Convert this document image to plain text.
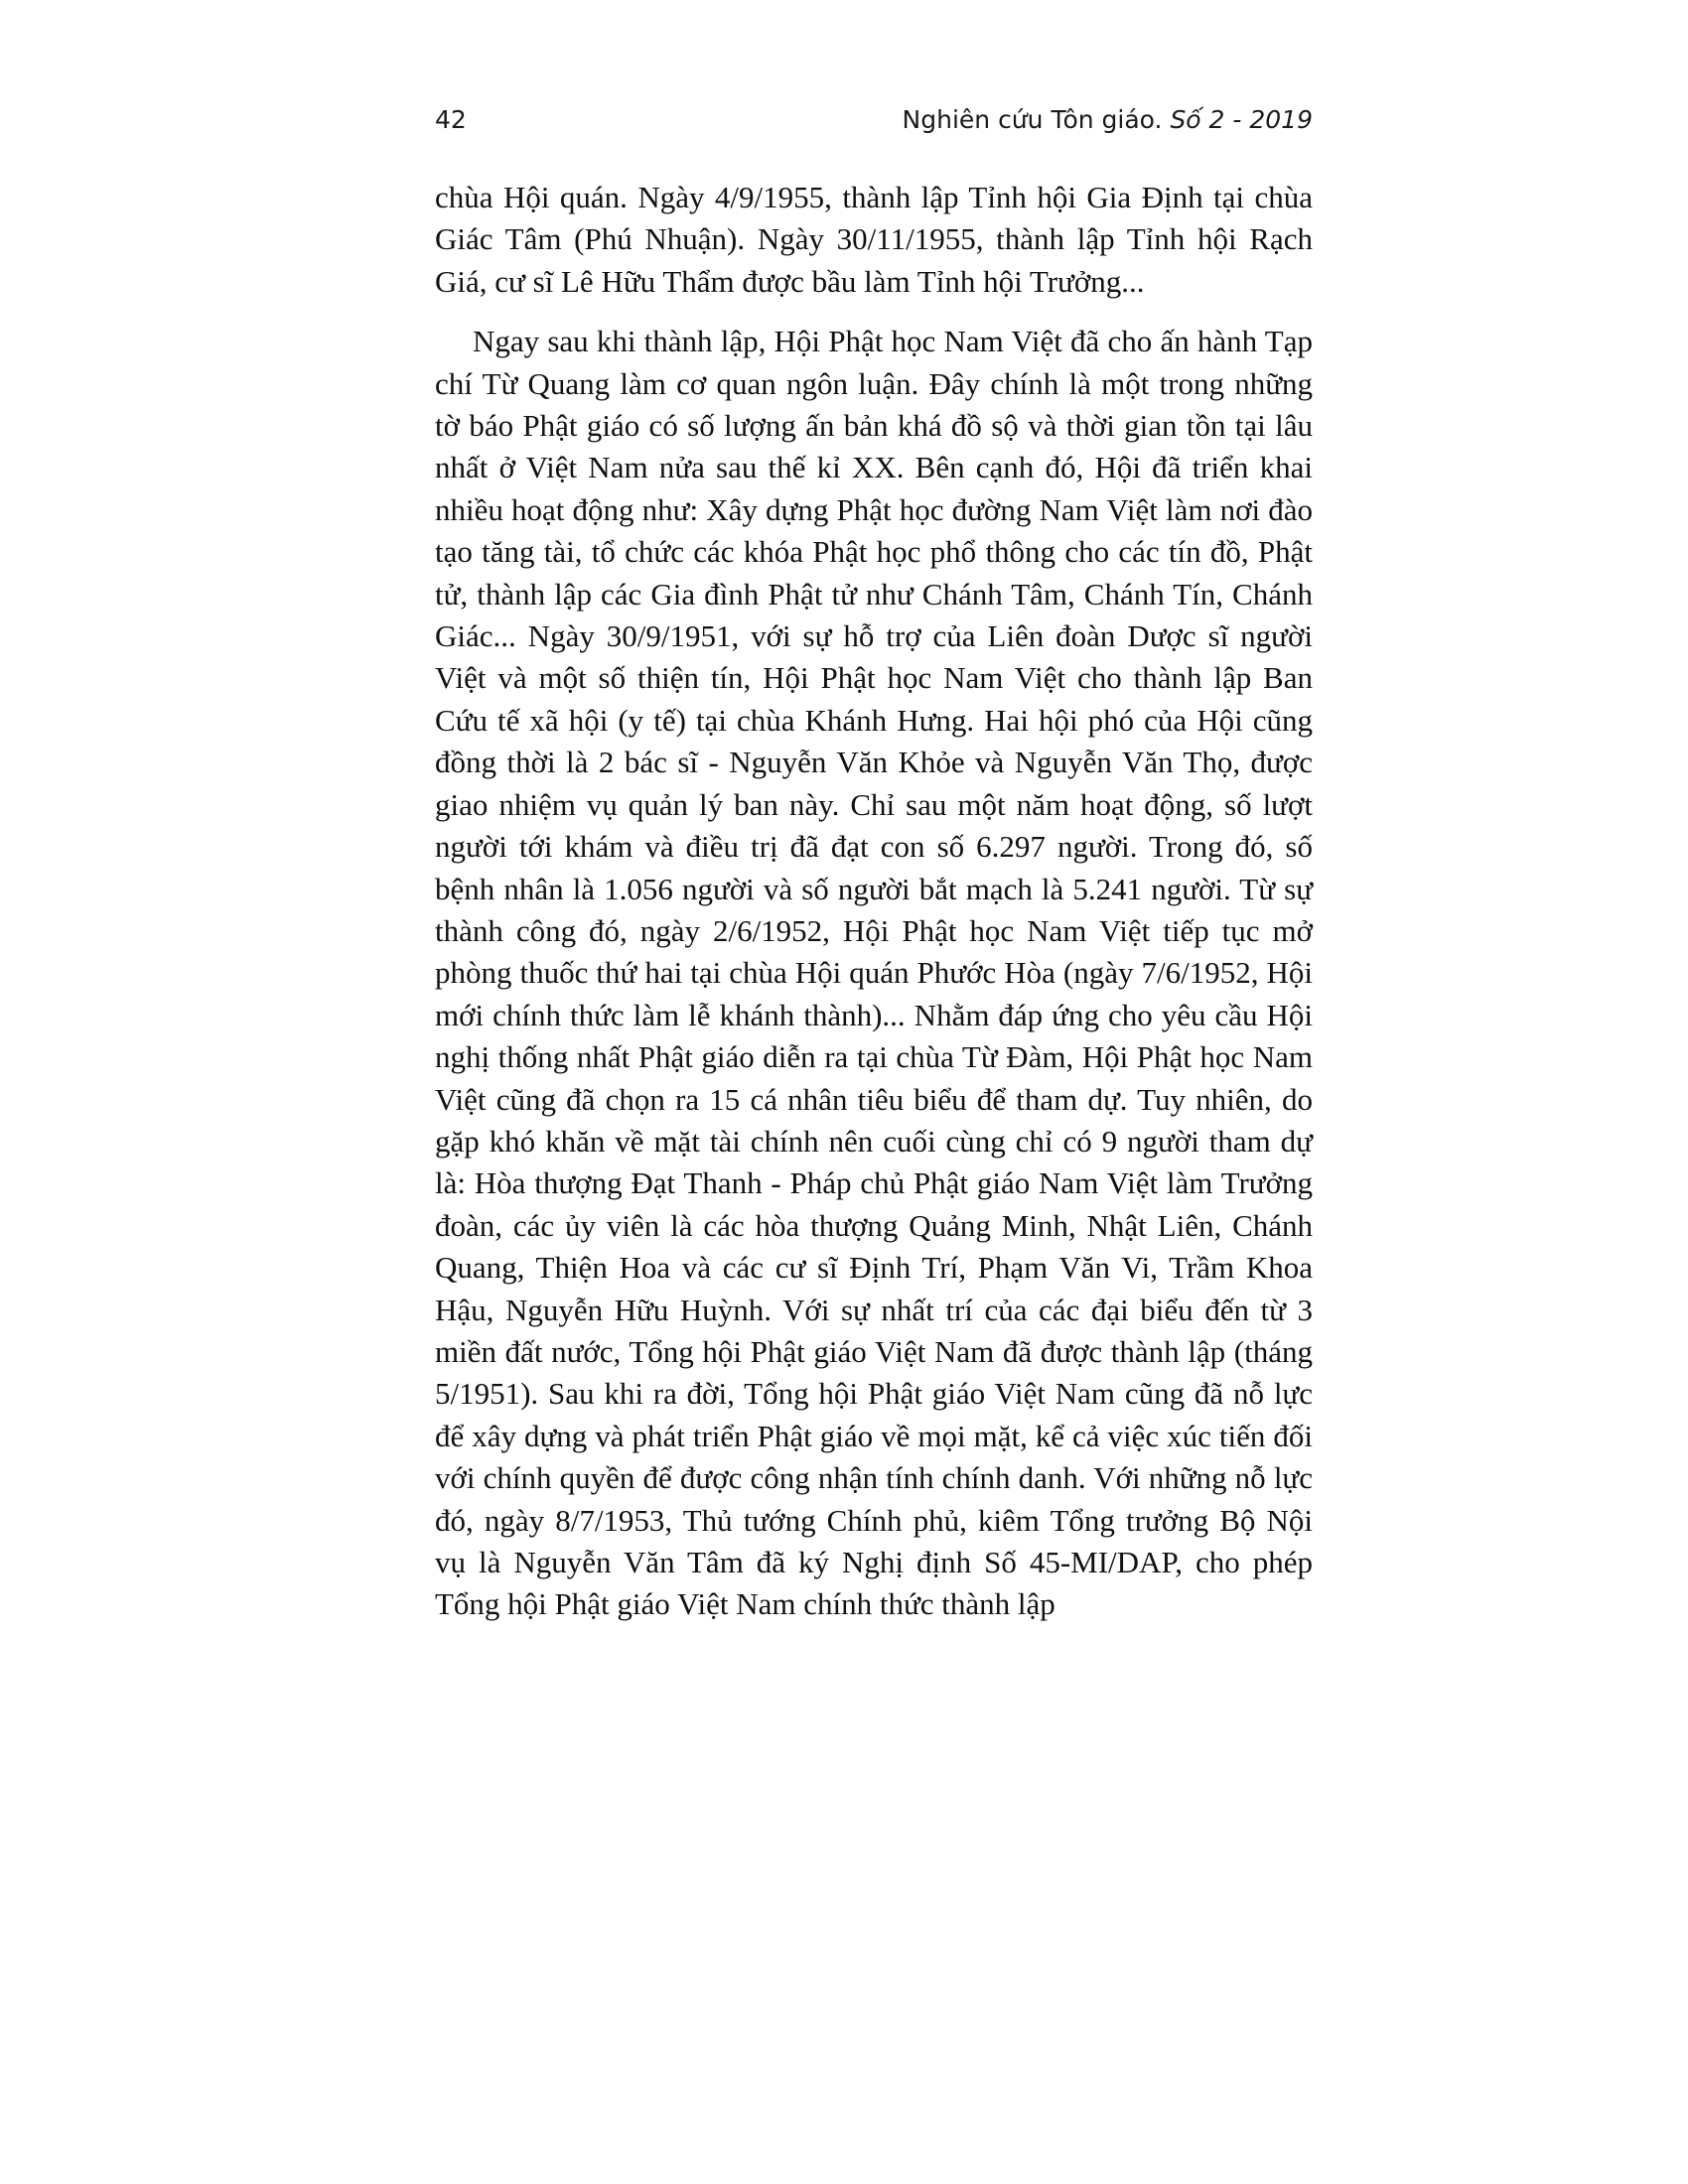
42	Nghiên cứu Tôn giáo. Số 2 - 2019

chùa Hội quán. Ngày 4/9/1955, thành lập Tỉnh hội Gia Định tại chùa Giác Tâm (Phú Nhuận). Ngày 30/11/1955, thành lập Tỉnh hội Rạch Giá, cư sĩ Lê Hữu Thẩm được bầu làm Tỉnh hội Trưởng...

Ngay sau khi thành lập, Hội Phật học Nam Việt đã cho ấn hành Tạp chí Từ Quang làm cơ quan ngôn luận. Đây chính là một trong những tờ báo Phật giáo có số lượng ấn bản khá đồ sộ và thời gian tồn tại lâu nhất ở Việt Nam nửa sau thế kỉ XX. Bên cạnh đó, Hội đã triển khai nhiều hoạt động như: Xây dựng Phật học đường Nam Việt làm nơi đào tạo tăng tài, tổ chức các khóa Phật học phổ thông cho các tín đồ, Phật tử, thành lập các Gia đình Phật tử như Chánh Tâm, Chánh Tín, Chánh Giác... Ngày 30/9/1951, với sự hỗ trợ của Liên đoàn Dược sĩ người Việt và một số thiện tín, Hội Phật học Nam Việt cho thành lập Ban Cứu tế xã hội (y tế) tại chùa Khánh Hưng. Hai hội phó của Hội cũng đồng thời là 2 bác sĩ - Nguyễn Văn Khỏe và Nguyễn Văn Thọ, được giao nhiệm vụ quản lý ban này. Chỉ sau một năm hoạt động, số lượt người tới khám và điều trị đã đạt con số 6.297 người. Trong đó, số bệnh nhân là 1.056 người và số người bắt mạch là 5.241 người. Từ sự thành công đó, ngày 2/6/1952, Hội Phật học Nam Việt tiếp tục mở phòng thuốc thứ hai tại chùa Hội quán Phước Hòa (ngày 7/6/1952, Hội mới chính thức làm lễ khánh thành)... Nhằm đáp ứng cho yêu cầu Hội nghị thống nhất Phật giáo diễn ra tại chùa Từ Đàm, Hội Phật học Nam Việt cũng đã chọn ra 15 cá nhân tiêu biểu để tham dự. Tuy nhiên, do gặp khó khăn về mặt tài chính nên cuối cùng chỉ có 9 người tham dự là: Hòa thượng Đạt Thanh - Pháp chủ Phật giáo Nam Việt làm Trưởng đoàn, các ủy viên là các hòa thượng Quảng Minh, Nhật Liên, Chánh Quang, Thiện Hoa và các cư sĩ Định Trí, Phạm Văn Vi, Trầm Khoa Hậu, Nguyễn Hữu Huỳnh. Với sự nhất trí của các đại biểu đến từ 3 miền đất nước, Tổng hội Phật giáo Việt Nam đã được thành lập (tháng 5/1951). Sau khi ra đời, Tổng hội Phật giáo Việt Nam cũng đã nỗ lực để xây dựng và phát triển Phật giáo về mọi mặt, kể cả việc xúc tiến đối với chính quyền để được công nhận tính chính danh. Với những nỗ lực đó, ngày 8/7/1953, Thủ tướng Chính phủ, kiêm Tổng trưởng Bộ Nội vụ là Nguyễn Văn Tâm đã ký Nghị định Số 45-MI/DAP, cho phép Tổng hội Phật giáo Việt Nam chính thức thành lập
